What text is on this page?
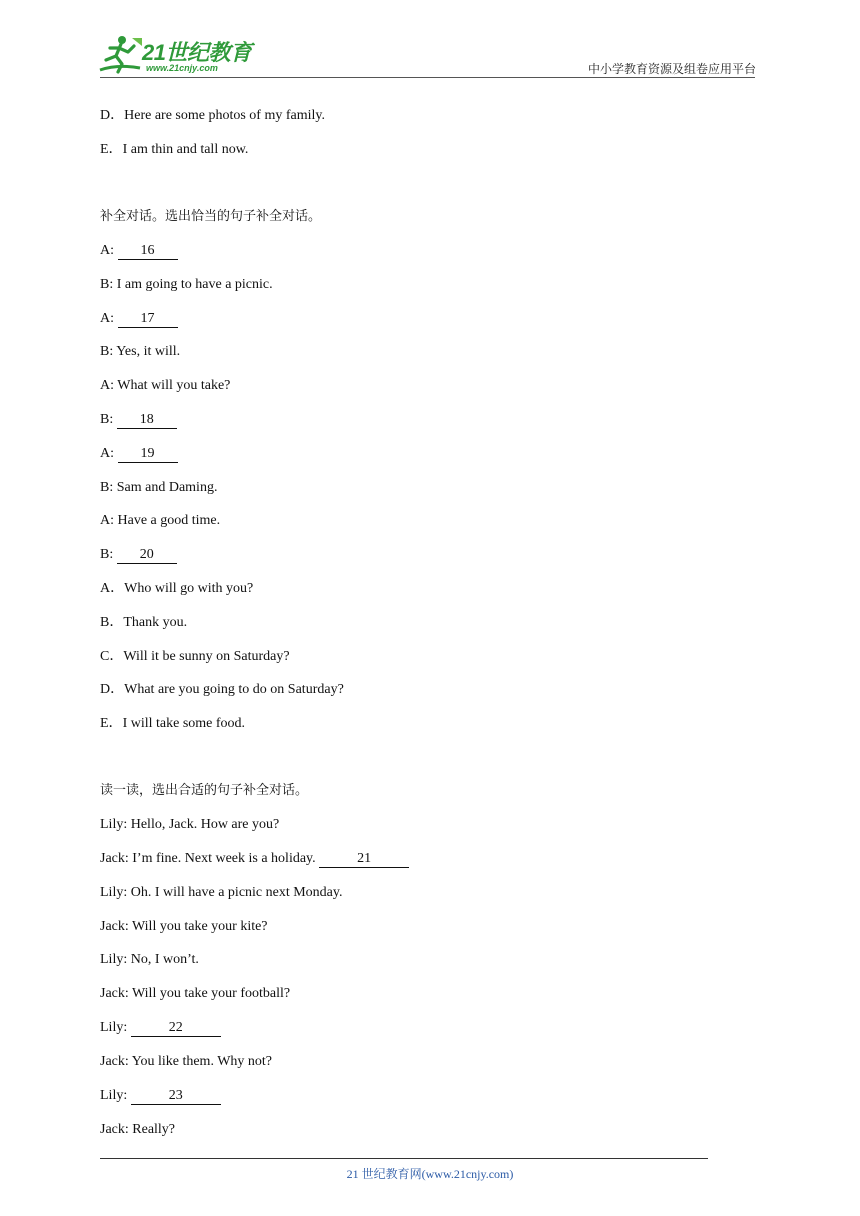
21世纪教育
www.21cnjy.com	中小学教育资源及组卷应用平台
D．Here are some photos of my family.
E．I am thin and tall now.
补全对话。选出恰当的句子补全对话。
A: 16
B: I am going to have a picnic.
A: 17
B: Yes, it will.
A: What will you take?
B: 18
A: 19
B: Sam and Daming.
A: Have a good time.
B: 20
A．Who will go with you?
B．Thank you.
C．Will it be sunny on Saturday?
D．What are you going to do on Saturday?
E．I will take some food.
读一读，选出合适的句子补全对话。
Lily: Hello, Jack. How are you?
Jack: I’m fine. Next week is a holiday.	21
Lily: Oh. I will have a picnic next Monday.
Jack: Will you take your kite?
Lily: No, I won’t.
Jack: Will you take your football?
Lily:	22
Jack: You like them. Why not?
Lily:	23
Jack: Really?
21 世纪教育网(www.21cnjy.com)
